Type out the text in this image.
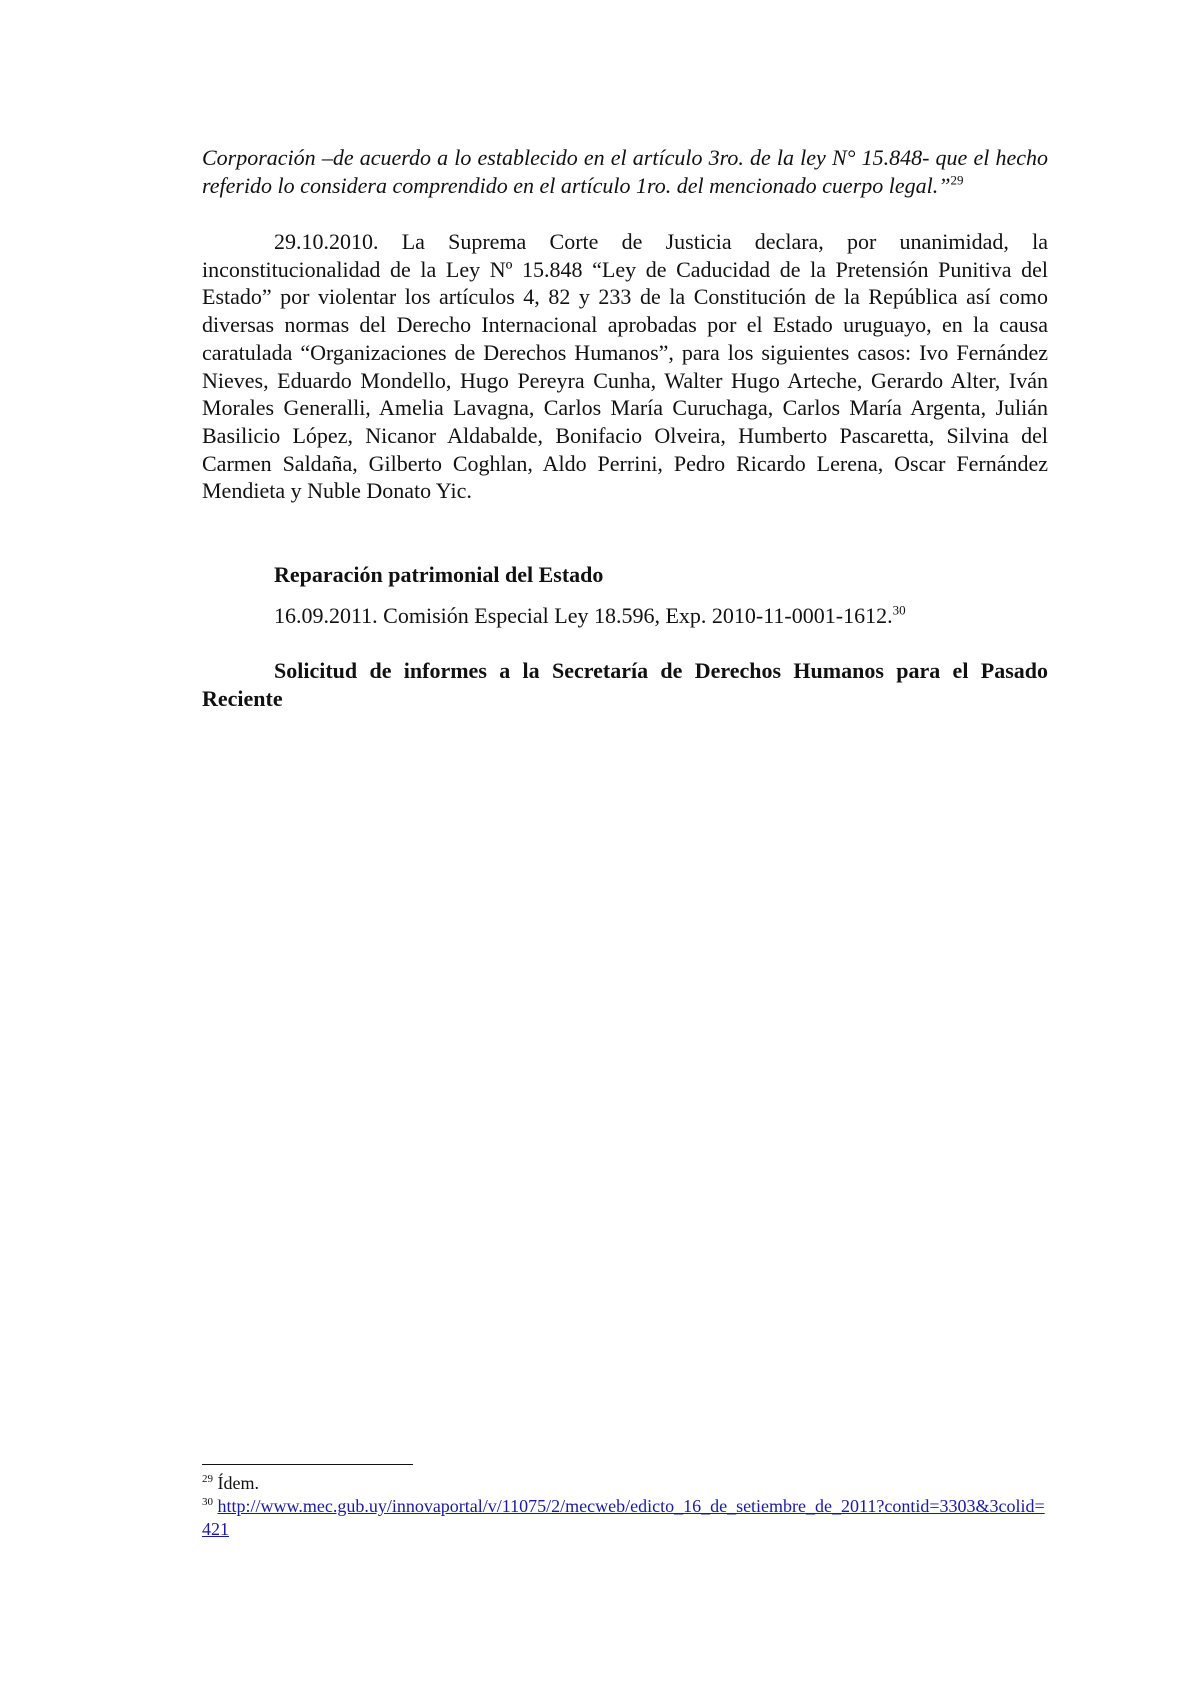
Corporación –de acuerdo a lo establecido en el artículo 3ro. de la ley N° 15.848- que el hecho referido lo considera comprendido en el artículo 1ro. del mencionado cuerpo legal.”$^{29}$
29.10.2010. La Suprema Corte de Justicia declara, por unanimidad, la inconstitucionalidad de la Ley Nº 15.848 “Ley de Caducidad de la Pretensión Punitiva del Estado” por violentar los artículos 4, 82 y 233 de la Constitución de la República así como diversas normas del Derecho Internacional aprobadas por el Estado uruguayo, en la causa caratulada “Organizaciones de Derechos Humanos”, para los siguientes casos: Ivo Fernández Nieves, Eduardo Mondello, Hugo Pereyra Cunha, Walter Hugo Arteche, Gerardo Alter, Iván Morales Generalli, Amelia Lavagna, Carlos María Curuchaga, Carlos María Argenta, Julián Basilicio López, Nicanor Aldabalde, Bonifacio Olveira, Humberto Pascaretta, Silvina del Carmen Saldaña, Gilberto Coghlan, Aldo Perrini, Pedro Ricardo Lerena, Oscar Fernández Mendieta y Nuble Donato Yic.
Reparación patrimonial del Estado
16.09.2011. Comisión Especial Ley 18.596, Exp. 2010-11-0001-1612.30
Solicitud de informes a la Secretaría de Derechos Humanos para el Pasado Reciente
$^{29}$ Ídem.
$^{30}$ http://www.mec.gub.uy/innovaportal/v/11075/2/mecweb/edicto_16_de_setiembre_de_2011?contid=3303&3colid=421
